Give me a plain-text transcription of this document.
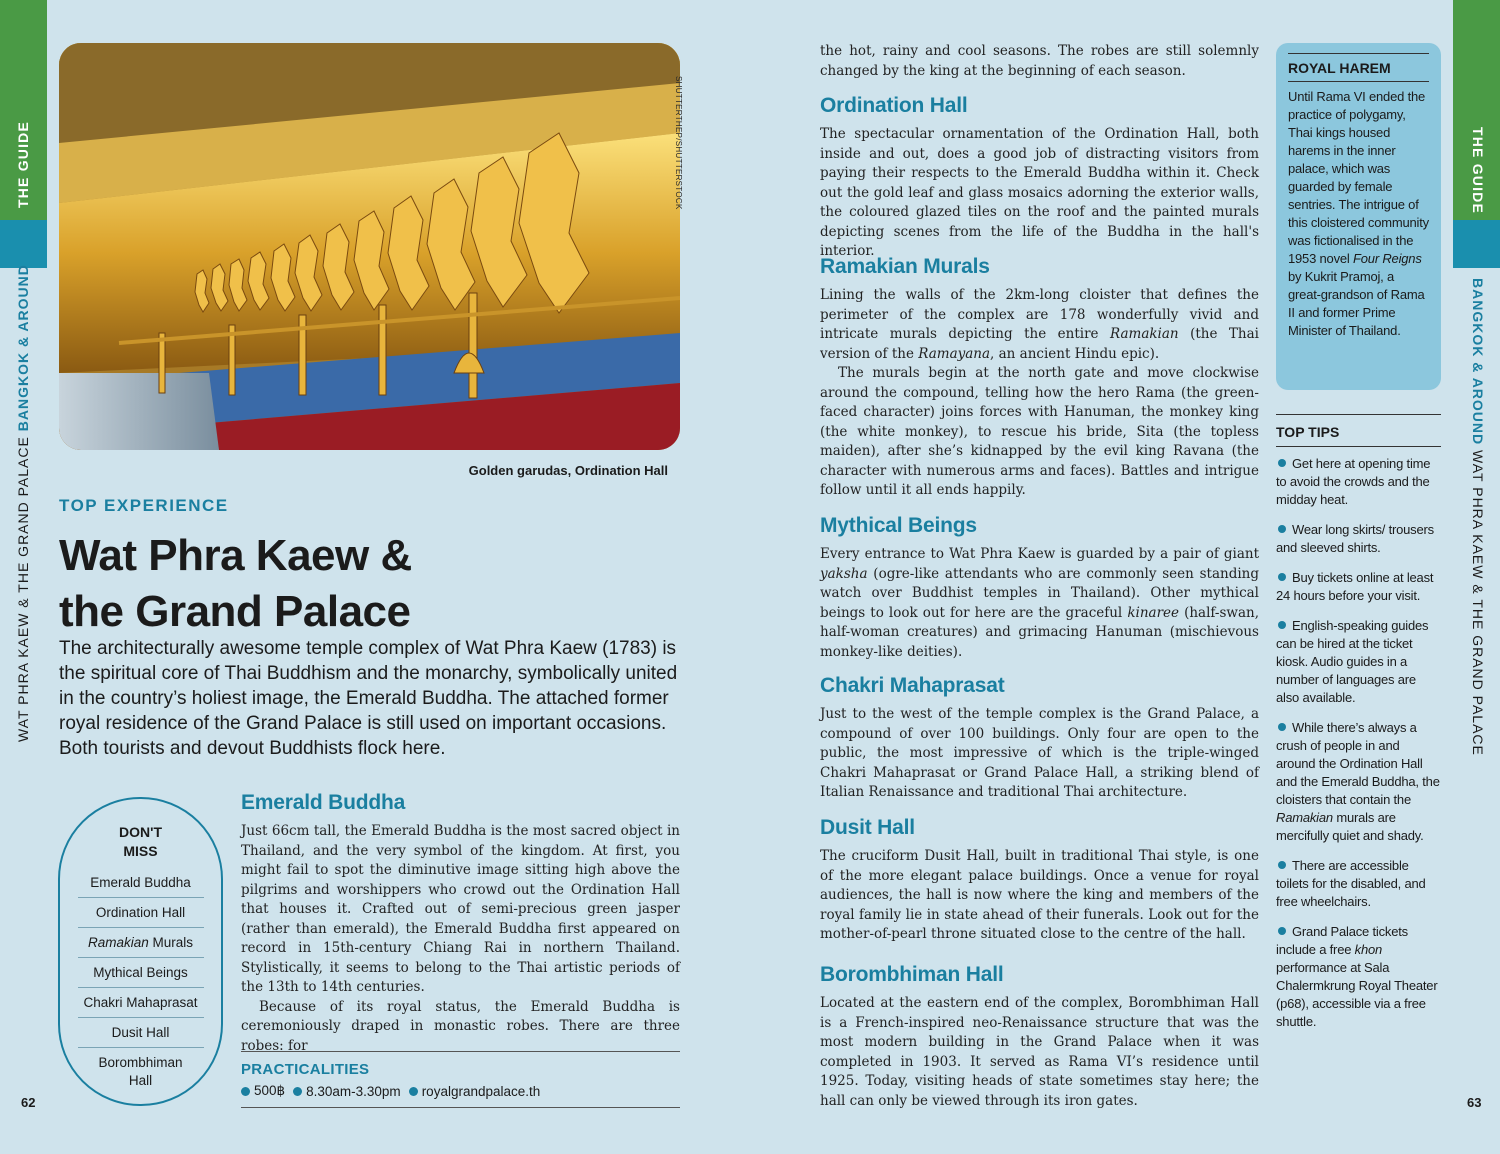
THE GUIDE
WAT PHRA KAEW & THE GRAND PALACE BANGKOK & AROUND
62
THE GUIDE
BANGKOK & AROUND WAT PHRA KAEW & THE GRAND PALACE
63
SHUTTERTHEP/SHUTTERSTOCK
Golden garudas, Ordination Hall
TOP EXPERIENCE
Wat Phra Kaew &
the Grand Palace
The architecturally awesome temple complex of Wat Phra Kaew (1783) is the spiritual core of Thai Buddhism and the monarchy, symbolically united in the country’s holiest image, the Emerald Buddha. The attached former royal residence of the Grand Palace is still used on important occasions. Both tourists and devout Buddhists flock here.
DON'T
MISS
Emerald Buddha
Ordination Hall
Ramakian Murals
Mythical Beings
Chakri Mahaprasat
Dusit Hall
Borombhiman Hall
Emerald Buddha

Just 66cm tall, the Emerald Buddha is the most sacred object in Thailand, and the very symbol of the kingdom. At first, you might fail to spot the diminutive image sitting high above the pilgrims and worshippers who crowd out the Ordination Hall that houses it. Crafted out of semi-precious green jasper (rather than emerald), the Emerald Buddha first appeared on record in 15th-century Chiang Rai in northern Thailand. Stylistically, it seems to belong to the Thai artistic periods of the 13th to 14th centuries.

Because of its royal status, the Emerald Buddha is ceremoniously draped in monastic robes. There are three robes: for

PRACTICALITIES
500฿	8.30am-3.30pm	royalgrandpalace.th
the hot, rainy and cool seasons. The robes are still solemnly changed by the king at the beginning of each season.
Ordination Hall
The spectacular ornamentation of the Ordination Hall, both inside and out, does a good job of distracting visitors from paying their respects to the Emerald Buddha within it. Check out the gold leaf and glass mosaics adorning the exterior walls, the coloured glazed tiles on the roof and the painted murals depicting scenes from the life of the Buddha in the hall's interior.
Ramakian Murals

Lining the walls of the 2km-long cloister that defines the perimeter of the complex are 178 wonderfully vivid and intricate murals depicting the entire Ramakian (the Thai version of the Ramayana, an ancient Hindu epic).

The murals begin at the north gate and move clockwise around the compound, telling how the hero Rama (the green-faced character) joins forces with Hanuman, the monkey king (the white monkey), to rescue his bride, Sita (the topless maiden), after she’s kidnapped by the evil king Ravana (the character with numerous arms and faces). Battles and intrigue follow until it all ends happily.

Mythical Beings

Every entrance to Wat Phra Kaew is guarded by a pair of giant yaksha (ogre-like attendants who are commonly seen standing watch over Buddhist temples in Thailand). Other mythical beings to look out for here are the graceful kinaree (half-swan, half-woman creatures) and grimacing Hanuman (mischievous monkey-like deities).

Chakri Mahaprasat
Just to the west of the temple complex is the Grand Palace, a compound of over 100 buildings. Only four are open to the public, the most impressive of which is the triple-winged Chakri Mahaprasat or Grand Palace Hall, a striking blend of Italian Renaissance and traditional Thai architecture.
Dusit Hall
The cruciform Dusit Hall, built in traditional Thai style, is one of the more elegant palace buildings. Once a venue for royal audiences, the hall is now where the king and members of the royal family lie in state ahead of their funerals. Look out for the mother-of-pearl throne situated close to the centre of the hall.
Borombhiman Hall
Located at the eastern end of the complex, Borombhiman Hall is a French-inspired neo-Renaissance structure that was the most modern building in the Grand Palace when it was completed in 1903. It served as Rama VI’s residence until 1925. Today, visiting heads of state sometimes stay here; the hall can only be viewed through its iron gates.
ROYAL HAREM
Until Rama VI ended the practice of polygamy, Thai kings housed harems in the inner palace, which was guarded by female sentries. The intrigue of this cloistered community was fictionalised in the 1953 novel Four Reigns by Kukrit Pramoj, a great-grandson of Rama II and former Prime Minister of Thailand.
TOP TIPS
Get here at opening time to avoid the crowds and the midday heat.
Wear long skirts/ trousers and sleeved shirts.
Buy tickets online at least 24 hours before your visit.
English-speaking guides can be hired at the ticket kiosk. Audio guides in a number of languages are also available.
While there’s always a crush of people in and around the Ordination Hall and the Emerald Buddha, the cloisters that contain the Ramakian murals are mercifully quiet and shady.
There are accessible toilets for the disabled, and free wheelchairs.
Grand Palace tickets include a free khon performance at Sala Chalermkrung Royal Theater (p68), accessible via a free shuttle.
